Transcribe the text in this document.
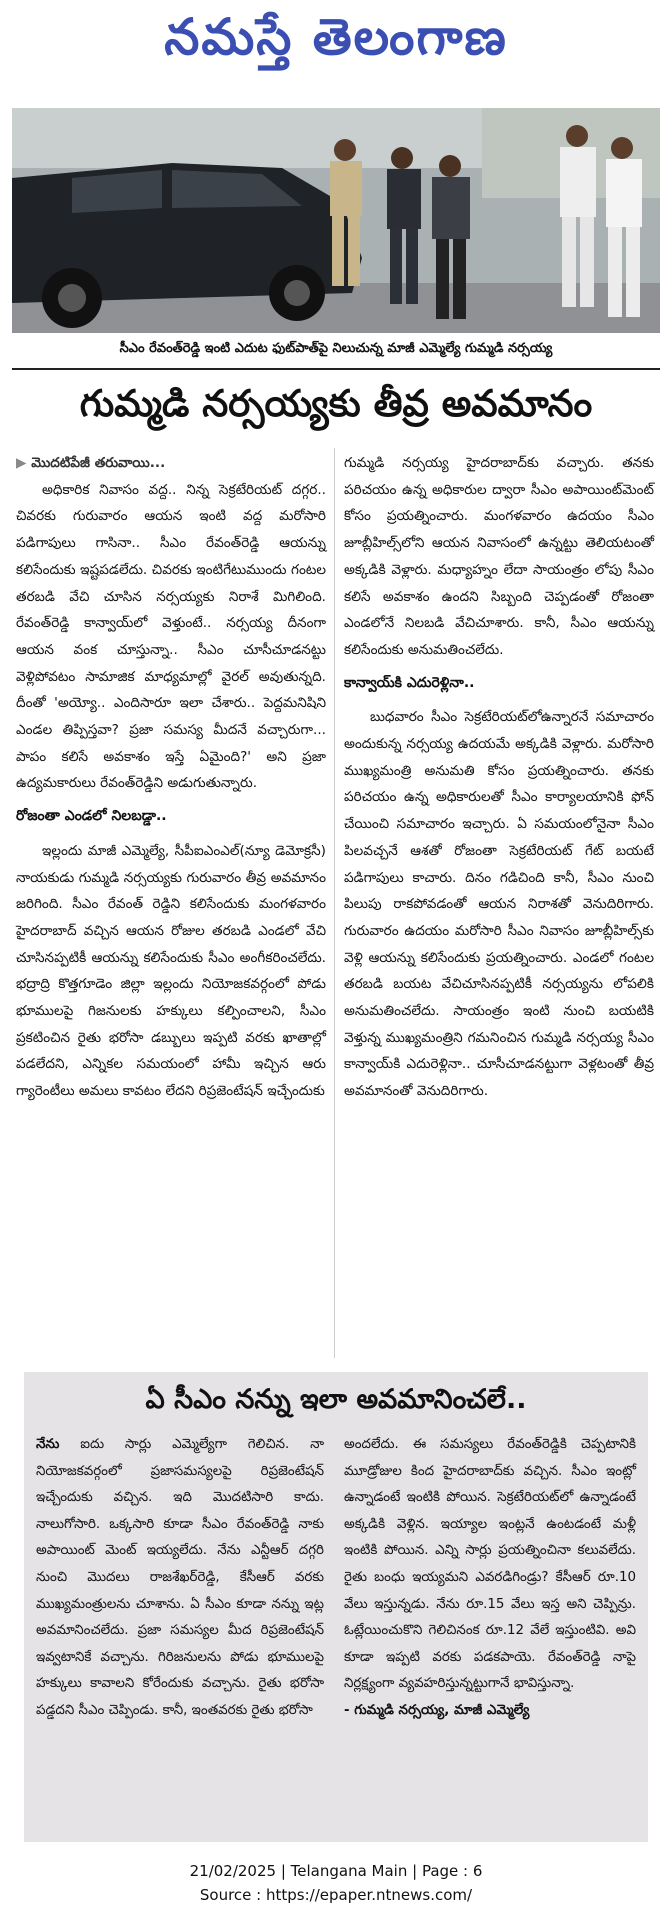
నమస్తే తెలంగాణ
సీఎం రేవంత్‌రెడ్డి ఇంటి ఎదుట ఫుట్‌పాత్‌పై నిలుచున్న మాజీ ఎమ్మెల్యే గుమ్మడి నర్సయ్య
గుమ్మడి నర్సయ్యకు తీవ్ర అవమానం

▶ మొదటిపేజీ తరువాయి...

అధికారిక నివాసం వద్ద.. నిన్న సెక్రటేరియట్ దగ్గర.. చివరకు గురువారం ఆయన ఇంటి వద్ద మరోసారి పడిగాపులు గాసినా.. సీఎం రేవంత్‌రెడ్డి ఆయన్ను కలిసేందుకు ఇష్టపడలేదు. చివరకు ఇంటిగేటుముందు గంటల తరబడి వేచి చూసిన నర్సయ్యకు నిరాశే మిగిలింది. రేవంత్‌రెడ్డి కాన్వాయ్‌లో వెళ్తుంటే.. నర్సయ్య దీనంగా ఆయన వంక చూస్తున్నా.. సీఎం చూసీచూడనట్టు వెళ్లిపోవటం సామాజిక మాధ్యమాల్లో వైరల్ అవుతున్నది. దీంతో 'అయ్యో.. ఎందిసారూ ఇలా చేశారు.. పెద్దమనిషిని ఎండల తిప్పిస్తవా? ప్రజా సమస్య మీదనే వచ్చారుగా... పాపం కలిసే అవకాశం ఇస్తే ఏమైంది?' అని ప్రజా ఉద్యమకారులు రేవంత్‌రెడ్డిని అడుగుతున్నారు.

రోజంతా ఎండలో నిలబడ్డా..

ఇల్లందు మాజీ ఎమ్మెల్యే, సీపీఐఎంఎల్(న్యూ డెమోక్రసీ) నాయకుడు గుమ్మడి నర్సయ్యకు గురువారం తీవ్ర అవమానం జరిగింది. సీఎం రేవంత్ రెడ్డిని కలిసేందుకు మంగళవారం హైదరాబాద్ వచ్చిన ఆయన రోజుల తరబడి ఎండలో వేచి చూసినప్పటికీ ఆయన్ను కలిసేందుకు సీఎం అంగీకరించలేదు. భద్రాద్రి కొత్తగూడెం జిల్లా ఇల్లందు నియోజకవర్గంలో పోడు భూములపై గిజనులకు హక్కులు కల్పించాలని, సీఎం ప్రకటించిన రైతు భరోసా డబ్బులు ఇప్పటి వరకు ఖాతాల్లో పడలేదని, ఎన్నికల సమయంలో హామీ ఇచ్చిన ఆరు గ్యారెంటీలు అమలు కావటం లేదని రిప్రజెంటేషన్ ఇచ్చేందుకు

గుమ్మడి నర్సయ్య హైదరాబాద్‌కు వచ్చారు. తనకు పరిచయం ఉన్న అధికారుల ద్వారా సీఎం అపాయింట్‌మెంట్ కోసం ప్రయత్నించారు. మంగళవారం ఉదయం సీఎం జూబ్లీహిల్స్‌లోని ఆయన నివాసంలో ఉన్నట్టు తెలియటంతో అక్కడికి వెళ్లారు. మధ్యాహ్నం లేదా సాయంత్రం లోపు సీఎం కలిసే అవకాశం ఉందని సిబ్బంది చెప్పడంతో రోజంతా ఎండలోనే నిలబడి వేచిచూశారు. కానీ, సీఎం ఆయన్ను కలిసేందుకు అనుమతించలేదు.

కాన్వాయ్‌కి ఎదురెళ్లినా..

బుధవారం సీఎం సెక్రటేరియట్‌లోఉన్నారనే సమాచారం అందుకున్న నర్సయ్య ఉదయమే అక్కడికి వెళ్లారు. మరోసారి ముఖ్యమంత్రి అనుమతి కోసం ప్రయత్నించారు. తనకు పరిచయం ఉన్న అధికారులతో సీఎం కార్యాలయానికి ఫోన్ చేయించి సమాచారం ఇచ్చారు. ఏ సమయంలోనైనా సీఎం పిలవచ్చనే ఆశతో రోజంతా సెక్రటేరియట్ గేట్ బయటే పడిగాపులు కాచారు. దినం గడిచింది కానీ, సీఎం నుంచి పిలుపు రాకపోవడంతో ఆయన నిరాశతో వెనుదిరిగారు. గురువారం ఉదయం మరోసారి సీఎం నివాసం జూబ్లీహిల్స్‌కు వెళ్లి ఆయన్ను కలిసేందుకు ప్రయత్నించారు. ఎండలో గంటల తరబడి బయట వేచిచూసినప్పటికీ నర్సయ్యను లోపలికి అనుమతించలేదు. సాయంత్రం ఇంటి నుంచి బయటికి వెళ్తున్న ముఖ్యమంత్రిని గమనించిన గుమ్మడి నర్సయ్య సీఎం కాన్వాయ్‌కి ఎదురెళ్లినా.. చూసీచూడనట్టుగా వెళ్లటంతో తీవ్ర అవమానంతో వెనుదిరిగారు.

ఏ సీఎం నన్ను ఇలా అవమానించలే..

నేను ఐదు సార్లు ఎమ్మెల్యేగా గెలిచిన. నా నియోజకవర్గంలో ప్రజాసమస్యలపై రిప్రజెంటేషన్ ఇచ్చేందుకు వచ్చిన. ఇది మొదటిసారి కాదు. నాలుగోసారి. ఒక్కసారి కూడా సీఎం రేవంత్‌రెడ్డి నాకు అపాయింట్ మెంట్ ఇయ్యలేదు. నేను ఎన్టీఆర్ దగ్గరి నుంచి మొదలు రాజశేఖర్‌రెడ్డి, కేసీఆర్ వరకు ముఖ్యమంత్రులను చూశాను. ఏ సీఎం కూడా నన్ను ఇట్ల అవమానించలేదు. ప్రజా సమస్యల మీద రిప్రజెంటేషన్ ఇవ్వటానికే వచ్చాను. గిరిజనులను పోడు భూములపై హక్కులు కావాలని కోరేందుకు వచ్చాను. రైతు భరోసా పడ్డదని సీఎం చెప్పిండు. కానీ, ఇంతవరకు రైతు భరోసా

అందలేదు. ఈ సమస్యలు రేవంత్‌రెడ్డికి చెప్పటానికి మూడ్రోజుల కింద హైదరాబాద్‌కు వచ్చిన. సీఎం ఇంట్లో ఉన్నాడంటే ఇంటికి పోయిన. సెక్రటేరియట్‌లో ఉన్నాడంటే అక్కడికి వెళ్లిన. ఇయ్యాల ఇంట్లనే ఉంటడంటే మళ్లీ ఇంటికి పోయిన. ఎన్ని సార్లు ప్రయత్నించినా కలువలేదు. రైతు బంధు ఇయ్యమని ఎవరడిగిండ్రు? కేసీఆర్ రూ.10 వేలు ఇస్తున్నడు. నేను రూ.15 వేలు ఇస్త అని చెప్పిన్రు. ఓట్లేయించుకొని గెలిచినంక రూ.12 వేలే ఇస్తుంటివి. అవి కూడా ఇప్పటి వరకు పడకపాయె. రేవంత్‌రెడ్డి నాపై నిర్లక్ష్యంగా వ్యవహరిస్తున్నట్టుగానే భావిస్తున్నా.

- గుమ్మడి నర్సయ్య, మాజీ ఎమ్మెల్యే

21/02/2025 | Telangana Main | Page : 6
Source : https://epaper.ntnews.com/
